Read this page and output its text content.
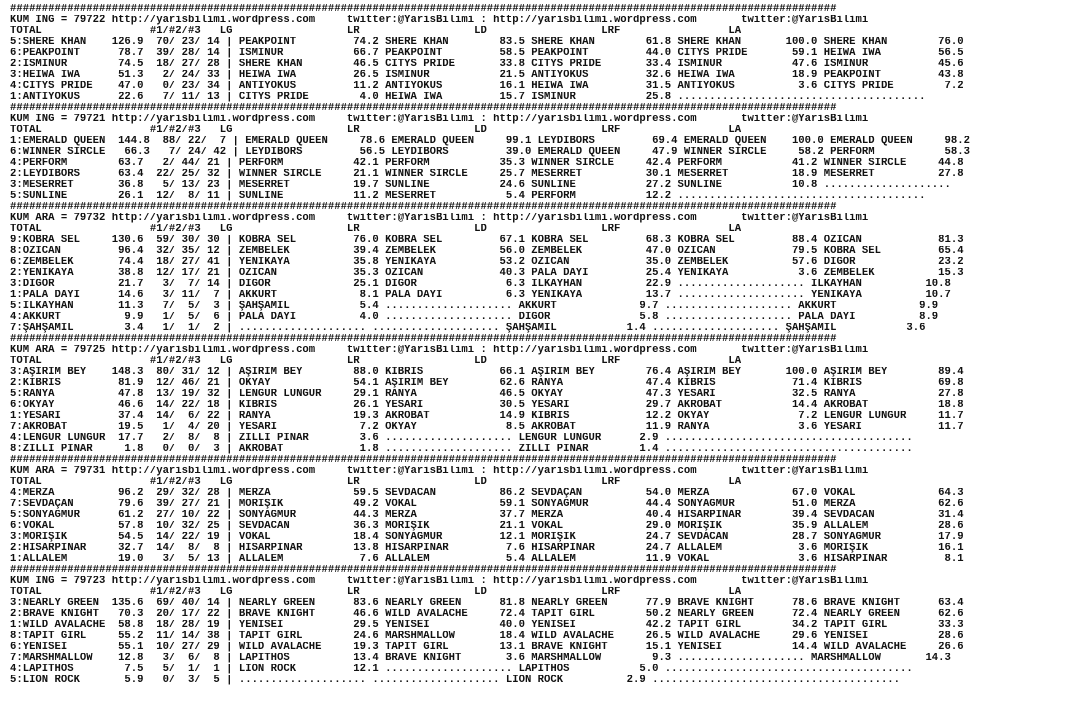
##################################################################################################################################
KUM ING = 79722 http://yarisbilimi.wordpress.com     twitter:@YarisBilimi : http://yarisbilimi.wordpress.com       twitter:@YarisBilimi
TOTAL                 #1/#2/#3   LG                  LR                  LD                  LRF                 LA
5:SHERE KHAN    126.9  70/ 23/ 14 | PEAKPOINT         74.2 SHERE KHAN        83.5 SHERE KHAN        61.8 SHERE KHAN       100.0 SHERE KHAN        76.0
6:PEAKPOINT      78.7  39/ 28/ 14 | İSMİNUR           66.7 PEAKPOINT         58.5 PEAKPOINT         44.0 CITYS PRIDE       59.1 HEIWA IWA         56.5
2:İSMİNUR        74.5  18/ 27/ 28 | SHERE KHAN        46.5 CITYS PRIDE       33.8 CITYS PRIDE       33.4 İSMİNUR           47.6 İSMİNUR           45.6
3:HEIWA IWA      51.3   2/ 24/ 33 | HEIWA IWA         26.5 İSMİNUR           21.5 ANTIYOKUS         32.6 HEIWA IWA         18.9 PEAKPOINT         43.8
4:CITYS PRIDE    47.0   0/ 23/ 34 | ANTIYOKUS         11.2 ANTIYOKUS         16.1 HEIWA IWA         31.5 ANTIYOKUS          3.6 CITYS PRIDE        7.2
1:ANTIYOKUS      22.6   7/ 11/ 13 | CITYS PRIDE        4.0 HEIWA IWA         15.7 İSMİNUR           25.8 .......................................
##################################################################################################################################
KUM ING = 79721 http://yarisbilimi.wordpress.com     twitter:@YarisBilimi : http://yarisbilimi.wordpress.com       twitter:@YarisBilimi
TOTAL                 #1/#2/#3   LG                  LR                  LD                  LRF                 LA
1:EMERALD QUEEN  144.8  88/ 22/  7 | EMERALD QUEEN     78.6 EMERALD QUEEN     99.1 LEYDİBORS         69.4 EMERALD QUEEN    100.0 EMERALD QUEEN     98.2
6:WINNER SIRCLE   66.3   7/ 24/ 42 | LEYDİBORS         56.5 LEYDİBORS         39.0 EMERALD QUEEN     47.9 WINNER SIRCLE     58.2 PERFORM           58.3
4:PERFORM        63.7   2/ 44/ 21 | PERFORM           42.1 PERFORM           35.3 WINNER SIRCLE     42.4 PERFORM           41.2 WINNER SIRCLE     44.8
2:LEYDİBORS      63.4  22/ 25/ 32 | WINNER SIRCLE     21.1 WINNER SIRCLE     25.7 MESERRET          30.1 MESERRET          18.9 MESERRET          27.8
3:MESERRET       36.8   5/ 13/ 23 | MESERRET          19.7 SUNLINE           24.6 SUNLINE           27.2 SUNLINE           10.8 ....................
5:SUNLINE        26.1  12/  8/ 11 | SUNLINE           11.2 MESERRET           5.4 PERFORM           12.2 .......................................
##################################################################################################################################
KUM ARA = 79732 http://yarisbilimi.wordpress.com     twitter:@YarisBilimi : http://yarisbilimi.wordpress.com       twitter:@YarisBilimi
TOTAL                 #1/#2/#3   LG                  LR                  LD                  LRF                 LA
9:KOBRA SEL     130.6  59/ 30/ 30 | KOBRA SEL         76.0 KOBRA SEL         67.1 KOBRA SEL         68.3 KOBRA SEL         88.4 OZİCAN            81.3
8:OZİCAN         96.4  32/ 35/ 12 | ZEMBELEK          39.4 ZEMBELEK          56.0 ZEMBELEK          47.0 OZİCAN            79.5 KOBRA SEL         65.4
6:ZEMBELEK       74.4  18/ 27/ 41 | YENİKAYA          35.8 YENİKAYA          53.2 OZİCAN            35.0 ZEMBELEK          57.6 DİGOR             23.2
2:YENİKAYA       38.8  12/ 17/ 21 | OZİCAN            35.3 OZİCAN            40.3 PALA DAYI         25.4 YENİKAYA           3.6 ZEMBELEK          15.3
3:DİGOR          21.7   3/  7/ 14 | DİGOR             25.1 DİGOR              6.3 İLKAYHAN          22.9 .................... İLKAYHAN          10.8
1:PALA DAYI      14.6   3/ 11/  7 | AKKURT             8.1 PALA DAYI          6.3 YENİKAYA          13.7 .................... YENİKAYA          10.7
5:İLKAYHAN       11.3   7/  5/  3 | ŞAHŞAMİL           5.4 .................... AKKURT             9.7 .................... AKKURT             9.9
4:AKKURT          9.9   1/  5/  6 | PALA DAYI          4.0 .................... DİGOR              5.8 .................... PALA DAYI          8.9
7:ŞAHŞAMİL        3.4   1/  1/  2 | .................... .................... ŞAHŞAMİL           1.4 .................... ŞAHŞAMİL           3.6
##################################################################################################################################
KUM ARA = 79725 http://yarisbilimi.wordpress.com     twitter:@YarisBilimi : http://yarisbilimi.wordpress.com       twitter:@YarisBilimi
TOTAL                 #1/#2/#3   LG                  LR                  LD                  LRF                 LA
3:AŞIRIM BEY    148.3  80/ 31/ 12 | AŞIRIM BEY        88.0 KIBRIS            66.1 AŞIRIM BEY        76.4 AŞIRIM BEY       100.0 AŞIRIM BEY        89.4
2:KIBRIS         81.9  12/ 46/ 21 | OKYAY             54.1 AŞIRIM BEY        62.6 RANYA             47.4 KIBRIS            71.4 KIBRIS            69.8
5:RANYA          47.8  13/ 19/ 32 | LENGÜR LÜNGÜR     29.1 RANYA             46.5 OKYAY             47.3 YESARİ            32.5 RANYA             27.8
6:OKYAY          46.6  14/ 22/ 18 | KIBRIS            26.1 YESARİ            30.5 YESARİ            29.7 AKROBAT           14.4 AKROBAT           18.8
1:YESARİ         37.4  14/  6/ 22 | RANYA             19.3 AKROBAT           14.9 KIBRIS            12.2 OKYAY              7.2 LENGÜR LÜNGÜR     11.7
7:AKROBAT        19.5   1/  4/ 20 | YESARİ             7.2 OKYAY              8.5 AKROBAT           11.9 RANYA              3.6 YESARİ            11.7
4:LENGÜR LÜNGÜR  17.7   2/  8/  8 | ZİLLİ PINAR        3.6 .................... LENGÜR LÜNGÜR      2.9 .......................................
8:ZİLLİ PINAR     1.8   0/  0/  3 | AKROBAT            1.8 .................... ZİLLİ PINAR        1.4 .......................................
##################################################################################################################################
KUM ARA = 79731 http://yarisbilimi.wordpress.com     twitter:@YarisBilimi : http://yarisbilimi.wordpress.com       twitter:@YarisBilimi
TOTAL                 #1/#2/#3   LG                  LR                  LD                  LRF                 LA
4:MERZA          96.2  29/ 32/ 28 | MERZA             59.5 SEVDACAN          86.2 SEVDAÇAN          54.0 MERZA             67.0 VOKAL             64.3
7:SEVDAÇAN       79.6  39/ 27/ 21 | MORİŞIK           49.2 VOKAL             59.1 SONYAĞMUR         44.4 SONYAĞMUR         51.0 MERZA             62.6
5:SONYAĞMUR      61.2  27/ 10/ 22 | SONYAĞMUR         44.3 MERZA             37.7 MERZA             40.4 HİSARPINAR        39.4 SEVDACAN          31.4
6:VOKAL          57.8  10/ 32/ 25 | SEVDACAN          36.3 MORİŞIK           21.1 VOKAL             29.0 MORİŞIK           35.9 ALLALEM           28.6
3:MORİŞIK        54.5  14/ 22/ 19 | VOKAL             18.4 SONYAĞMUR         12.1 MORİŞIK           24.7 SEVDACAN          28.7 SONYAĞMUR         17.9
2:HİSARPINAR     32.7  14/  8/  8 | HİSARPINAR        13.8 HİSARPINAR         7.6 HİSARPINAR        24.7 ALLALEM            3.6 MORİŞIK           16.1
1:ALLALEM        19.0   3/  5/ 13 | ALLALEM            7.6 ALLALEM            5.4 ALLALEM           11.9 VOKAL              3.6 HİSARPINAR         8.1
##################################################################################################################################
KUM ING = 79723 http://yarisbilimi.wordpress.com     twitter:@YarisBilimi : http://yarisbilimi.wordpress.com       twitter:@YarisBilimi
TOTAL                 #1/#2/#3   LG                  LR                  LD                  LRF                 LA
3:NEARLY GREEN  135.6  69/ 40/ 14 | NEARLY GREEN      83.6 NEARLY GREEN      81.8 NEARLY GREEN      77.9 BRAVE KNIGHT      78.6 BRAVE KNIGHT      63.4
2:BRAVE KNIGHT   70.3  20/ 17/ 22 | BRAVE KNIGHT      46.6 WILD AVALACHE     72.4 TAPIT GIRL        50.2 NEARLY GREEN      72.4 NEARLY GREEN      62.6
1:WILD AVALACHE  58.8  18/ 28/ 19 | YENİSEİ           29.5 YENİSEİ           40.0 YENİSEİ           42.2 TAPIT GIRL        34.2 TAPIT GIRL        33.3
8:TAPIT GIRL     55.2  11/ 14/ 38 | TAPIT GIRL        24.6 MARSHMALLOW       18.4 WILD AVALACHE     26.5 WILD AVALACHE     29.6 YENİSEİ           28.6
6:YENİSEİ        55.1  10/ 27/ 29 | WILD AVALACHE     19.3 TAPIT GIRL        13.1 BRAVE KNIGHT      15.1 YENİSEİ           14.4 WILD AVALACHE     26.6
7:MARSHMALLOW    12.8   3/  6/  8 | LAPITHOS          13.4 BRAVE KNIGHT       3.6 MARSHMALLOW        9.3 .................... MARSHMALLOW       14.3
4:LAPITHOS        7.5   5/  1/  1 | LION ROCK         12.1 .................... LAPITHOS           5.0 .......................................
5:LION ROCK       5.9   0/  3/  5 | .................... .................... LION ROCK          2.9 .......................................
